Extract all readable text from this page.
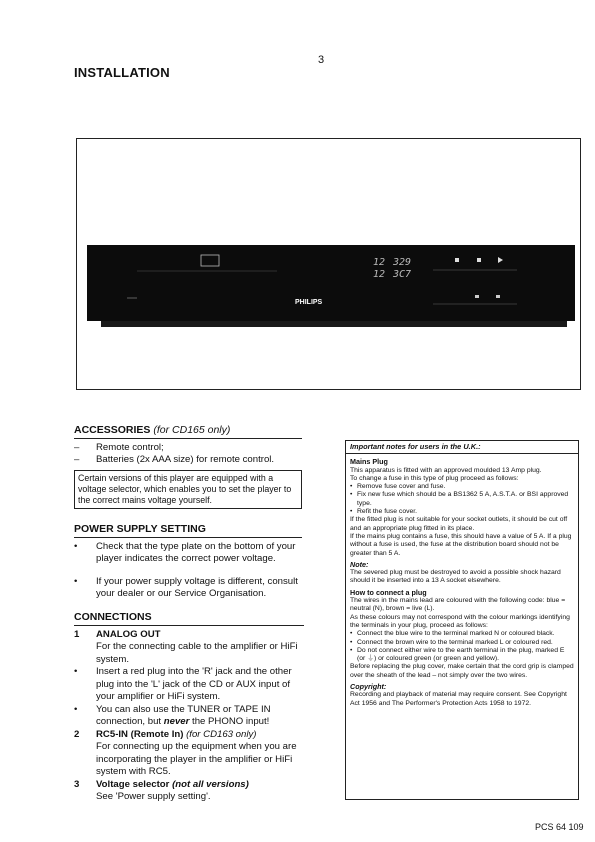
3
INSTALLATION
12 329
12 3C7
PHILIPS
ACCESSORIES (for CD165 only)
–	Remote control;
–	Batteries (2x AAA size) for remote control.
Certain versions of this player are equipped with a voltage selector, which enables you to set the player to the correct mains voltage yourself.
POWER SUPPLY SETTING
•	Check that the type plate on the bottom of your player indicates the correct power voltage.
•	If your power supply voltage is different, consult your dealer or our Service Organisation.
CONNECTIONS
1	ANALOG OUT
For the connecting cable to the amplifier or HiFi system.
•	Insert a red plug into the 'R' jack and the other plug into the 'L' jack of the CD or AUX input of your amplifier or HiFi system.
•	You can also use the TUNER or TAPE IN connection, but never the PHONO input!
2	RC5-IN (Remote In) (for CD163 only)
For connecting up the equipment when you are incorporating the player in the amplifier or HiFi system with RC5.
3	Voltage selector (not all versions)
See 'Power supply setting'.
Important notes for users in the U.K.:
Mains Plug
This apparatus is fitted with an approved moulded 13 Amp plug.
To change a fuse in this type of plug proceed as follows:
• Remove fuse cover and fuse.
• Fix new fuse which should be a BS1362 5 A, A.S.T.A. or BSI approved type.
• Refit the fuse cover.
If the fitted plug is not suitable for your socket outlets, it should be cut off and an appropriate plug fitted in its place.
If the mains plug contains a fuse, this should have a value of 5 A. If a plug without a fuse is used, the fuse at the distribution board should not be greater than 5 A.
Note:
The severed plug must be destroyed to avoid a possible shock hazard should it be inserted into a 13 A socket elsewhere.
How to connect a plug
The wires in the mains lead are coloured with the following code: blue = neutral (N), brown = live (L).
As these colours may not correspond with the colour markings identifying the terminals in your plug, proceed as follows:
• Connect the blue wire to the terminal marked N or coloured black.
• Connect the brown wire to the terminal marked L or coloured red.
• Do not connect either wire to the earth terminal in the plug, marked E (or ⏚) or coloured green (or green and yellow).
Before replacing the plug cover, make certain that the cord grip is clamped over the sheath of the lead – not simply over the two wires.
Copyright:
Recording and playback of material may require consent. See Copyright Act 1956 and The Performer's Protection Acts 1958 to 1972.
PCS 64 109
